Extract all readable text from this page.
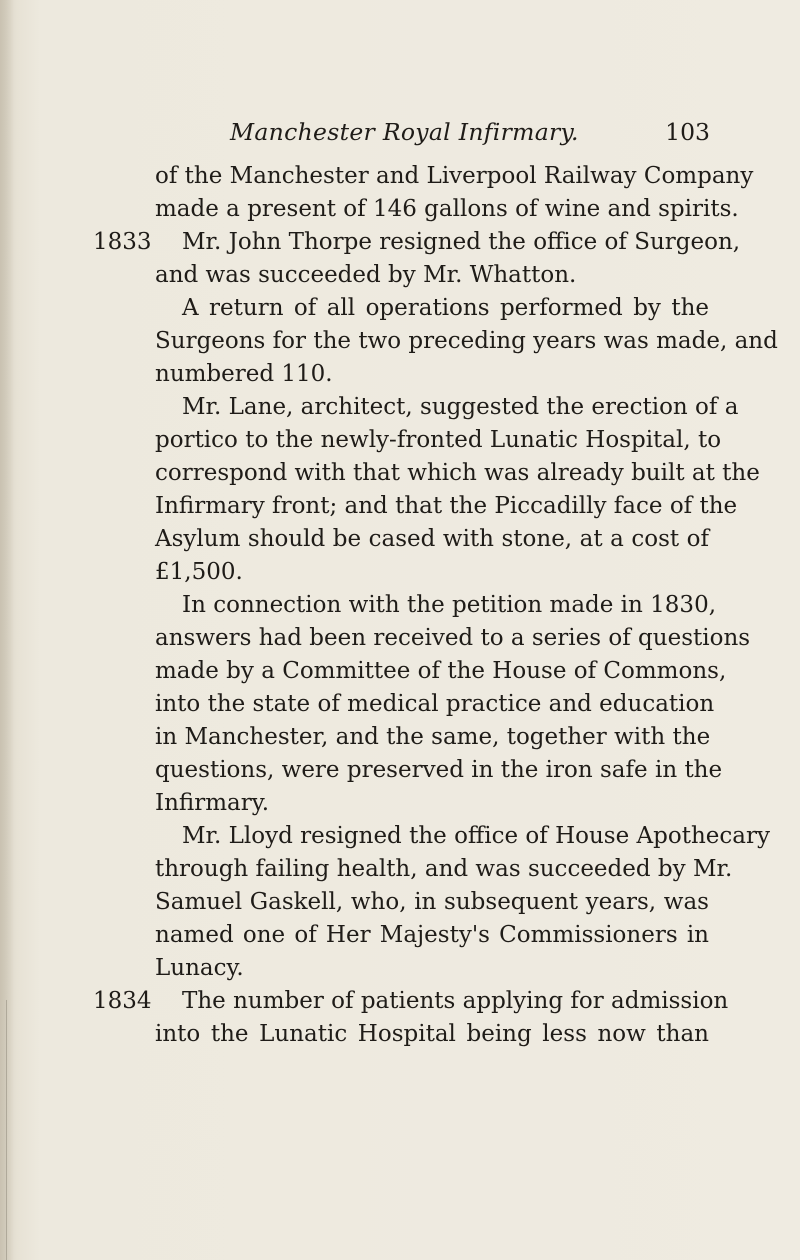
Manchester Royal Infirmary.	103
of the Manchester and Liverpool Railway Company
made a present of 146 gallons of wine and spirits.
1833 Mr. John Thorpe resigned the office of Surgeon,
and was succeeded by Mr. Whatton.
A return of all operations performed by the
Surgeons for the two preceding years was made, and
numbered 110.
Mr. Lane, architect, suggested the erection of a
portico to the newly-fronted Lunatic Hospital, to
correspond with that which was already built at the
Infirmary front; and that the Piccadilly face of the
Asylum should be cased with stone, at a cost of
£1,500.
In connection with the petition made in 1830,
answers had been received to a series of questions
made by a Committee of the House of Commons,
into the state of medical practice and education
in Manchester, and the same, together with the
questions, were preserved in the iron safe in the
Infirmary.
Mr. Lloyd resigned the office of House Apothecary
through failing health, and was succeeded by Mr.
Samuel Gaskell, who, in subsequent years, was
named one of Her Majesty's Commissioners in
Lunacy.
1834 The number of patients applying for admission
into the Lunatic Hospital being less now than
